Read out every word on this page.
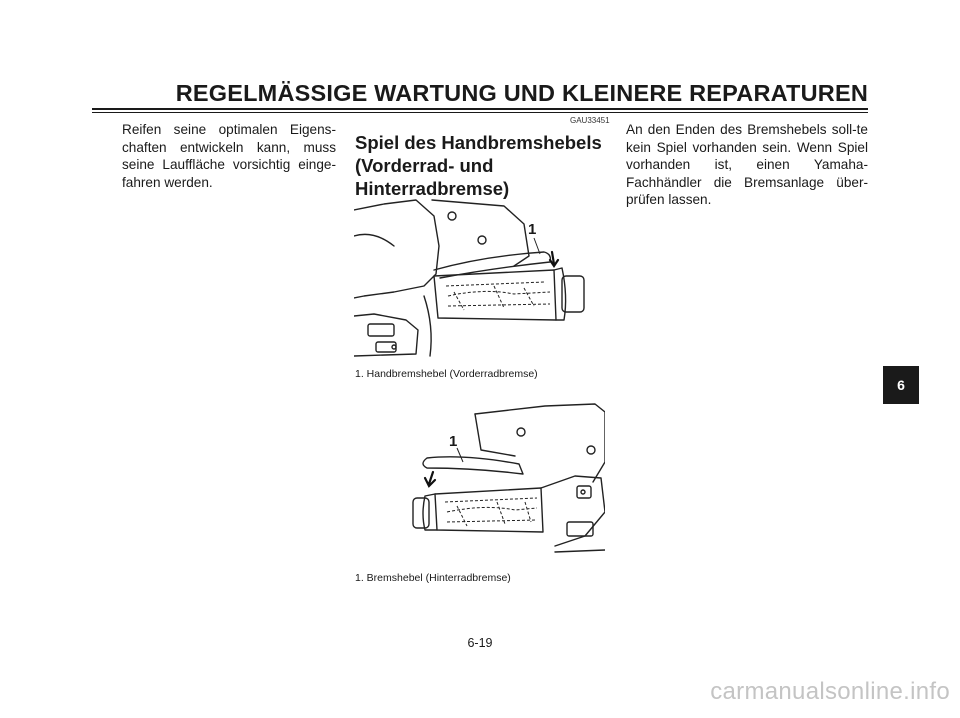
REGELMÄSSIGE WARTUNG UND KLEINERE REPARATUREN

Reifen seine optimalen Eigens-chaften entwickeln kann, muss seine Lauffläche vorsichtig einge-fahren werden.

GAU33451
Spiel des Handbremshebels (Vorderrad- und Hinterradbremse)
1
1. Handbremshebel (Vorderradbremse)
1
1. Bremshebel (Hinterradbremse)

An den Enden des Bremshebels soll-te kein Spiel vorhanden sein. Wenn Spiel vorhanden ist, einen Yamaha-Fachhändler die Bremsanlage über-prüfen lassen.

6-19
6
carmanualsonline.info
